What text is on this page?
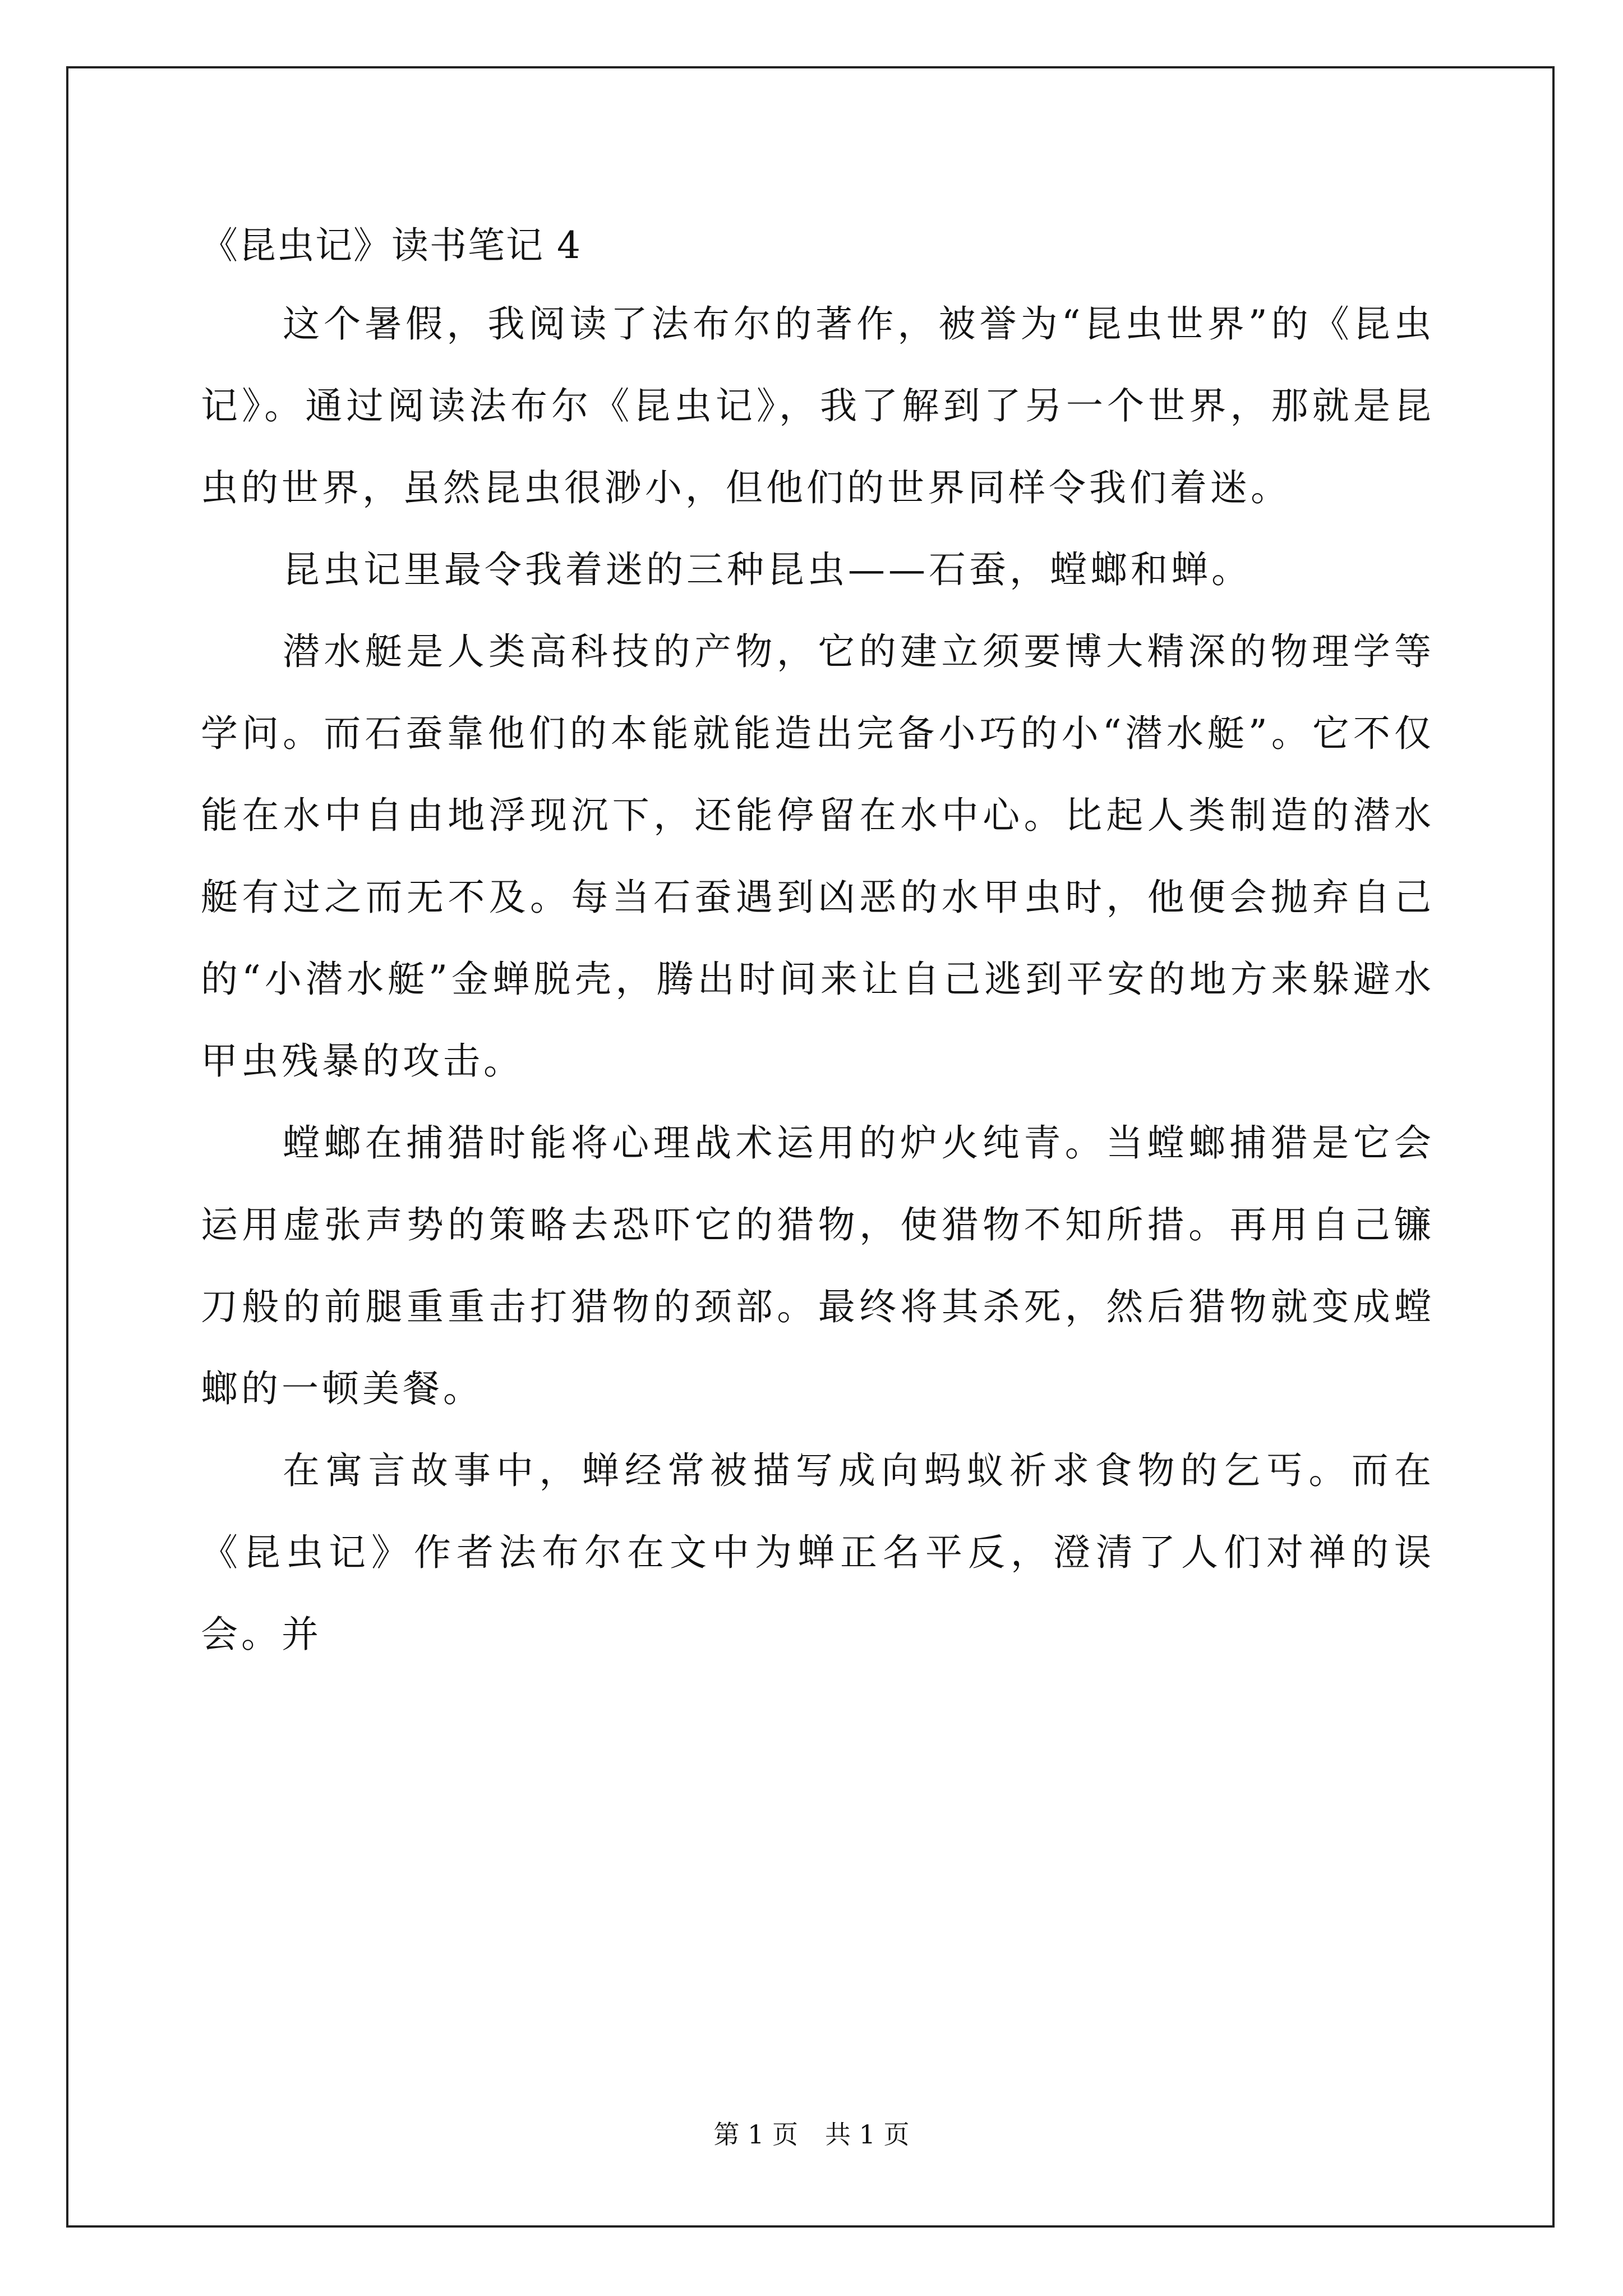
《昆虫记》读书笔记 4

这个暑假，我阅读了法布尔的著作，被誉为“昆虫世界”的《昆虫记》。通过阅读法布尔《昆虫记》，我了解到了另一个世界，那就是昆虫的世界，虽然昆虫很渺小，但他们的世界同样令我们着迷。

昆虫记里最令我着迷的三种昆虫——石蚕，螳螂和蝉。

潜水艇是人类高科技的产物，它的建立须要博大精深的物理学等学问。而石蚕靠他们的本能就能造出完备小巧的小“潜水艇”。它不仅能在水中自由地浮现沉下，还能停留在水中心。比起人类制造的潜水艇有过之而无不及。每当石蚕遇到凶恶的水甲虫时，他便会抛弃自己的“小潜水艇”金蝉脱壳，腾出时间来让自己逃到平安的地方来躲避水甲虫残暴的攻击。

螳螂在捕猎时能将心理战术运用的炉火纯青。当螳螂捕猎是它会运用虚张声势的策略去恐吓它的猎物，使猎物不知所措。再用自己镰刀般的前腿重重击打猎物的颈部。最终将其杀死，然后猎物就变成螳螂的一顿美餐。

在寓言故事中，蝉经常被描写成向蚂蚁祈求食物的乞丐。而在《昆虫记》作者法布尔在文中为蝉正名平反，澄清了人们对禅的误会。并

第 1 页 共 1 页
